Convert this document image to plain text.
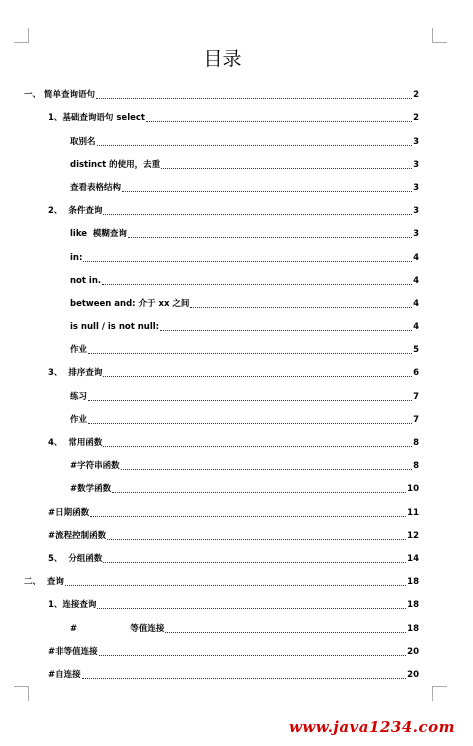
目录
一、 简单查询语句	2
1、基础查询语句 select	2
取别名	3
distinct 的使用，去重	3
查看表格结构	3
2、  条件查询	3
like  模糊查询	3
in:	4
not in.	4
between and: 介于 xx 之间	4
is null / is not null:	4
作业	5
3、  排序查询	6
练习	7
作业	7
4、  常用函数	8
#字符串函数	8
#数学函数	10
#日期函数	11
#流程控制函数	12
5、  分组函数	14
二、  查询	18
1、连接查询	18
#                  等值连接	18
#非等值连接	20
#自连接	20
www.java1234.com
